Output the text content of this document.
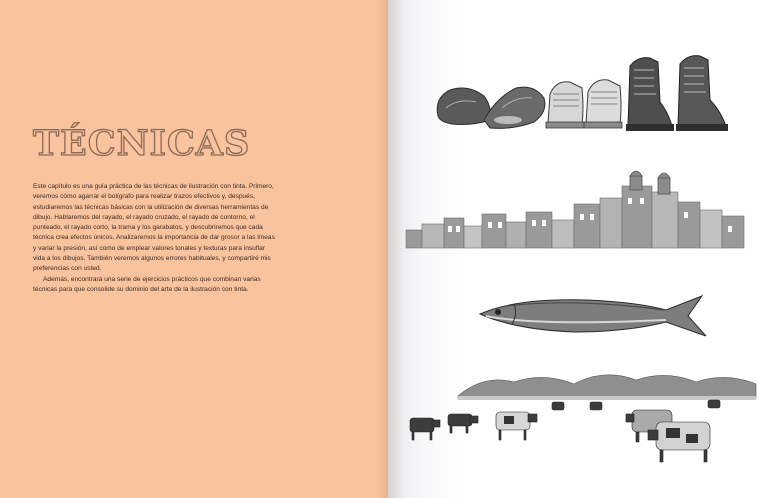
TÉCNICAS

Este capítulo es una guía práctica de las técnicas de ilustración con tinta. Primero, veremos cómo agarrar el bolígrafo para realizar trazos efectivos y, después, estudiaremos las técnicas básicas con la utilización de diversas herramientas de dibujo. Hablaremos del rayado, el rayado cruzado, el rayado de contorno, el punteado, el rayado corto, la trama y los garabatos, y descubriremos que cada técnica crea efectos únicos. Analizaremos la importancia de dar grosor a las líneas y variar la presión, así como de emplear valores tonales y texturas para insuflar vida a los dibujos. También veremos algunos errores habituales, y compartiré mis preferencias con usted.

Además, encontrará una serie de ejercicios prácticos que combinan varias técnicas para que consolide su dominio del arte de la ilustración con tinta.
